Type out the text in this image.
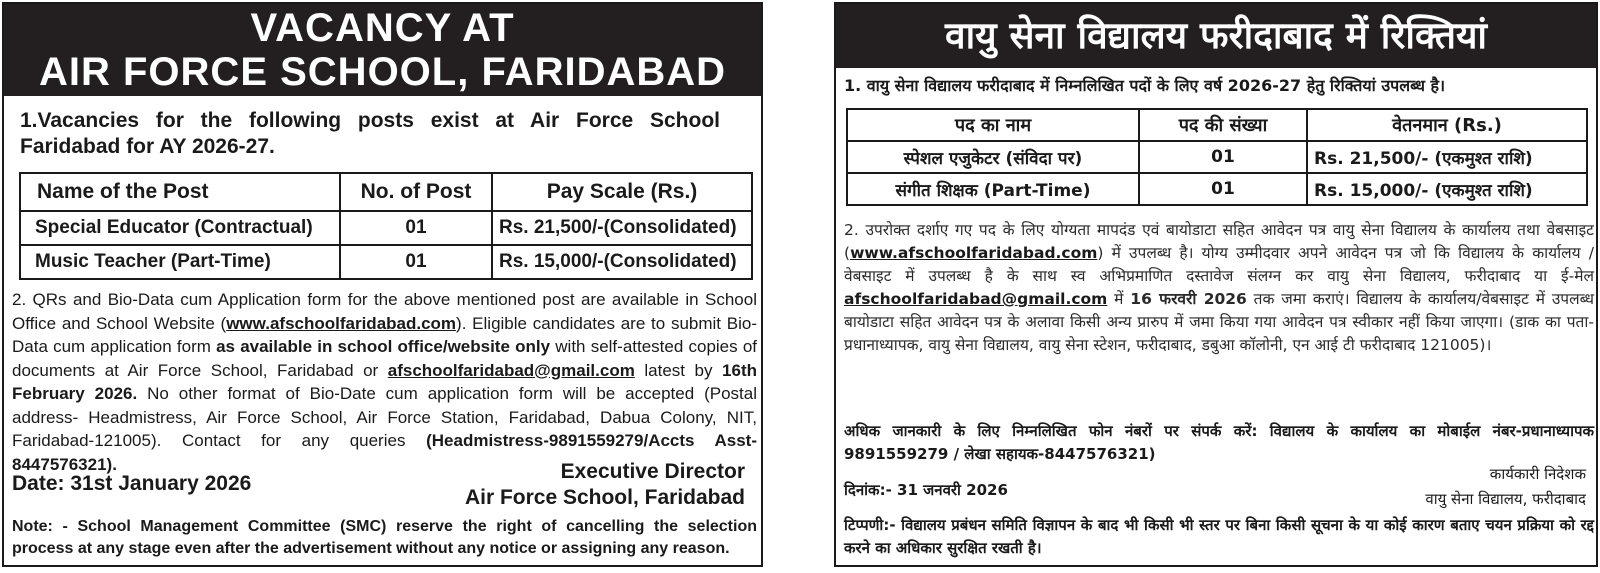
VACANCY AT
AIR FORCE SCHOOL, FARIDABAD
1.Vacancies for the following posts exist at Air Force School Faridabad for AY 2026-27.
Name of the Post	No. of Post	Pay Scale (Rs.)
Special Educator (Contractual)	01	Rs. 21,500/-(Consolidated)
Music Teacher (Part-Time)	01	Rs. 15,000/-(Consolidated)
2. QRs and Bio-Data cum Application form for the above mentioned post are available in School Office and School Website (www.afschoolfaridabad.com). Eligible candidates are to submit Bio-Data cum application form as available in school office/website only with self-attested copies of documents at Air Force School, Faridabad or afschoolfaridabad@gmail.com latest by 16th February 2026. No other format of Bio-Date cum application form will be accepted (Postal address- Headmistress, Air Force School, Air Force Station, Faridabad, Dabua Colony, NIT, Faridabad-121005). Contact for any queries (Headmistress-9891559279/Accts Asst- 8447576321).
Date: 31st January 2026
Executive Director
Air Force School, Faridabad
Note: - School Management Committee (SMC) reserve the right of cancelling the selection process at any stage even after the advertisement without any notice or assigning any reason.
वायु सेना विद्यालय फरीदाबाद में रिक्तियां
1. वायु सेना विद्यालय फरीदाबाद में निम्नलिखित पदों के लिए वर्ष 2026-27 हेतु रिक्तियां उपलब्ध है।
पद का नाम	पद की संख्या	वेतनमान (Rs.)
स्पेशल एजुकेटर (संविदा पर)	01	Rs. 21,500/- (एकमुश्त राशि)
संगीत शिक्षक (Part-Time)	01	Rs. 15,000/- (एकमुश्त राशि)
2. उपरोक्त दर्शाए गए पद के लिए योग्यता मापदंड एवं बायोडाटा सहित आवेदन पत्र वायु सेना विद्यालय के कार्यालय तथा वेबसाइट (www.afschoolfaridabad.com) में उपलब्ध है। योग्य उम्मीदवार अपने आवेदन पत्र जो कि विद्यालय के कार्यालय / वेबसाइट में उपलब्ध है के साथ स्व अभिप्रमाणित दस्तावेज संलग्न कर वायु सेना विद्यालय, फरीदाबाद या ई-मेल afschoolfaridabad@gmail.com में 16 फरवरी 2026 तक जमा कराएं। विद्यालय के कार्यालय/वेबसाइट में उपलब्ध बायोडाटा सहित आवेदन पत्र के अलावा किसी अन्य प्रारुप में जमा किया गया आवेदन पत्र स्वीकार नहीं किया जाएगा। (डाक का पता- प्रधानाध्यापक, वायु सेना विद्यालय, वायु सेना स्टेशन, फरीदाबाद, डबुआ कॉलोनी, एन आई टी फरीदाबाद 121005)।
अधिक जानकारी के लिए निम्नलिखित फोन नंबरों पर संपर्क करें: विद्यालय के कार्यालय का मोबाईल नंबर-प्रधानाध्यापक 9891559279 / लेखा सहायक-8447576321)
कार्यकारी निदेशक
दिनांक:- 31 जनवरी 2026	वायु सेना विद्यालय, फरीदाबाद
टिप्पणी:- विद्यालय प्रबंधन समिति विज्ञापन के बाद भी किसी भी स्तर पर बिना किसी सूचना के या कोई कारण बताए चयन प्रक्रिया को रद्द करने का अधिकार सुरक्षित रखती है।
